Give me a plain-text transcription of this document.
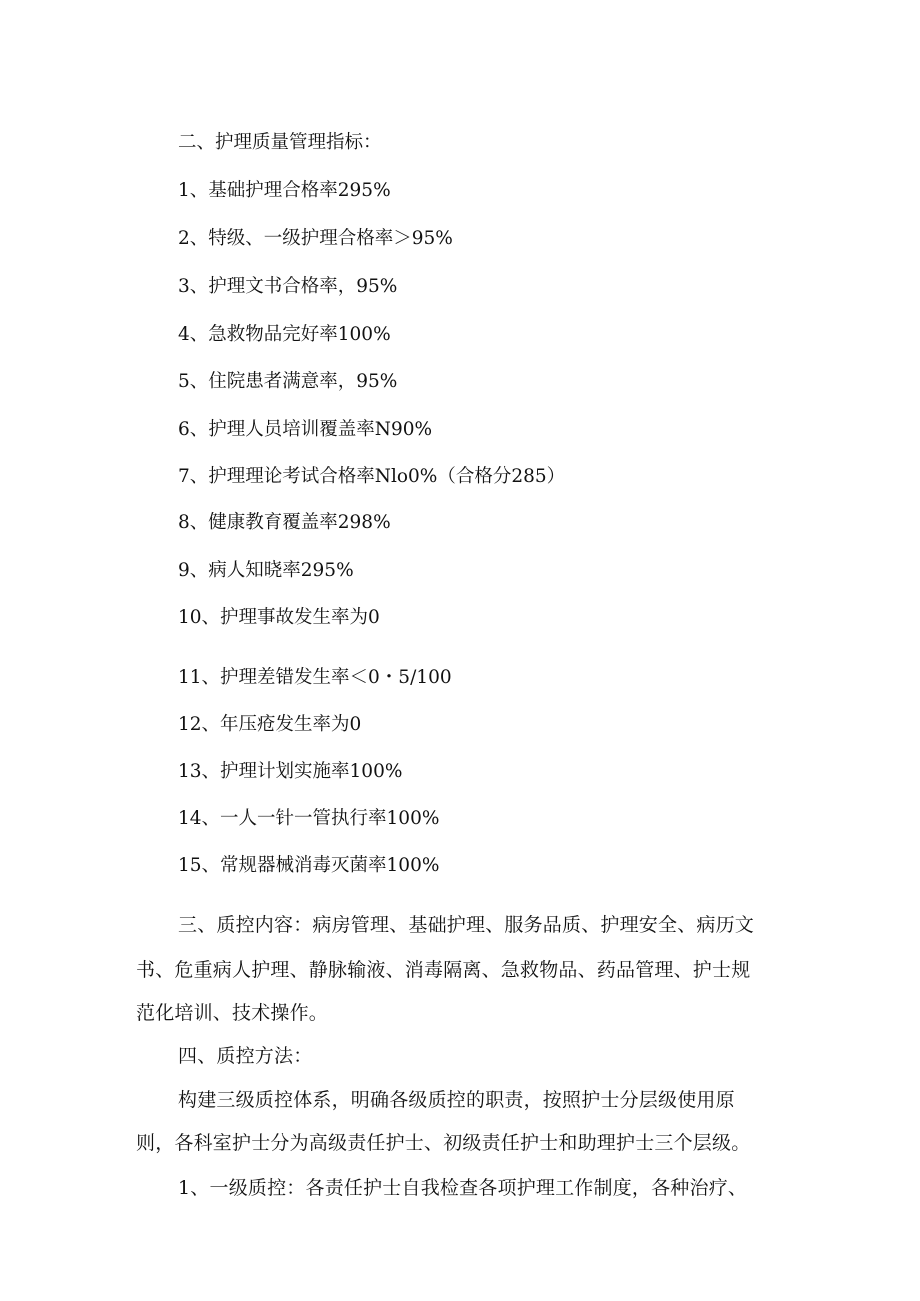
二、护理质量管理指标：
1、基础护理合格率295%
2、特级、一级护理合格率＞95%
3、护理文书合格率，95%
4、急救物品完好率100%
5、住院患者满意率，95%
6、护理人员培训覆盖率N90%
7、护理理论考试合格率Nlo0%（合格分285）
8、健康教育覆盖率298%
9、病人知晓率295%
10、护理事故发生率为0
11、护理差错发生率＜0・5/100
12、年压疮发生率为0
13、护理计划实施率100%
14、一人一针一管执行率100%
15、常规器械消毒灭菌率100%
三、质控内容：病房管理、基础护理、服务品质、护理安全、病历文
书、危重病人护理、静脉输液、消毒隔离、急救物品、药品管理、护士规
范化培训、技术操作。
四、质控方法：
构建三级质控体系，明确各级质控的职责，按照护士分层级使用原
则，各科室护士分为高级责任护士、初级责任护士和助理护士三个层级。
1、一级质控：各责任护士自我检查各项护理工作制度，各种治疗、
